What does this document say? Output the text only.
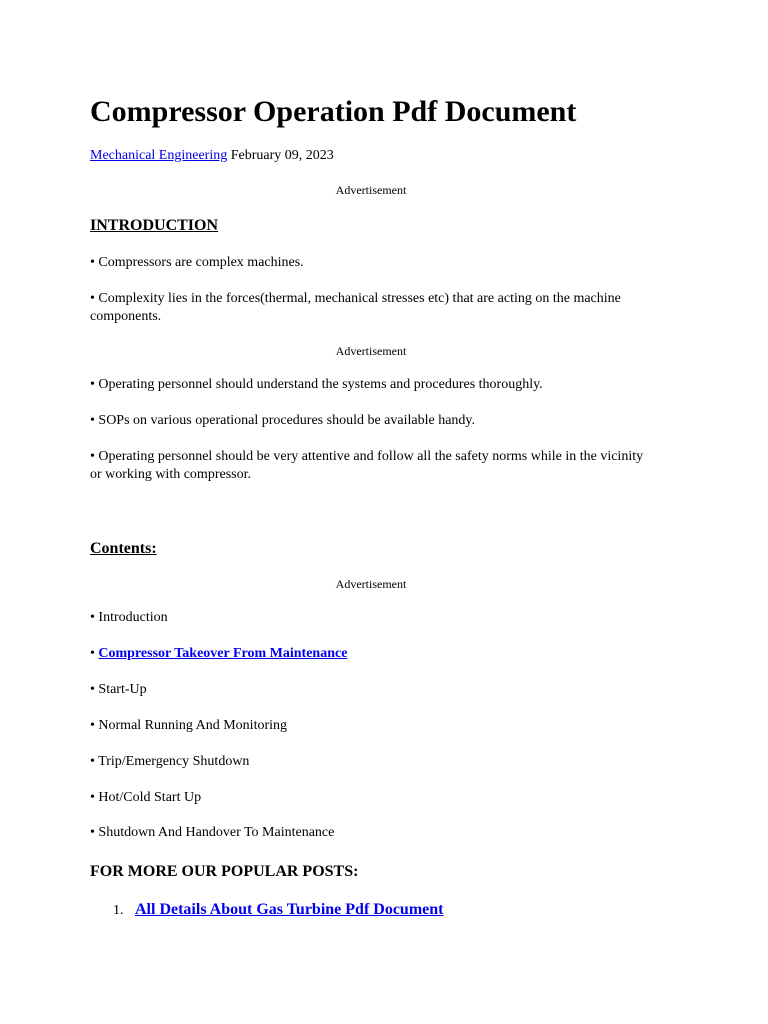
Compressor Operation Pdf Document
Mechanical Engineering February 09, 2023
Advertisement
INTRODUCTION

• Compressors are complex machines.

• Complexity lies in the forces(thermal, mechanical stresses etc) that are acting on the machine components.

Advertisement

• Operating personnel should understand the systems and procedures thoroughly.

• SOPs on various operational procedures should be available handy.

• Operating personnel should be very attentive and follow all the safety norms while in the vicinity or working with compressor.

Contents:
Advertisement

• Introduction

• Compressor Takeover From Maintenance

• Start-Up

• Normal Running And Monitoring

• Trip/Emergency Shutdown

• Hot/Cold Start Up

• Shutdown And Handover To Maintenance

FOR MORE OUR POPULAR POSTS:
1. All Details About Gas Turbine Pdf Document
